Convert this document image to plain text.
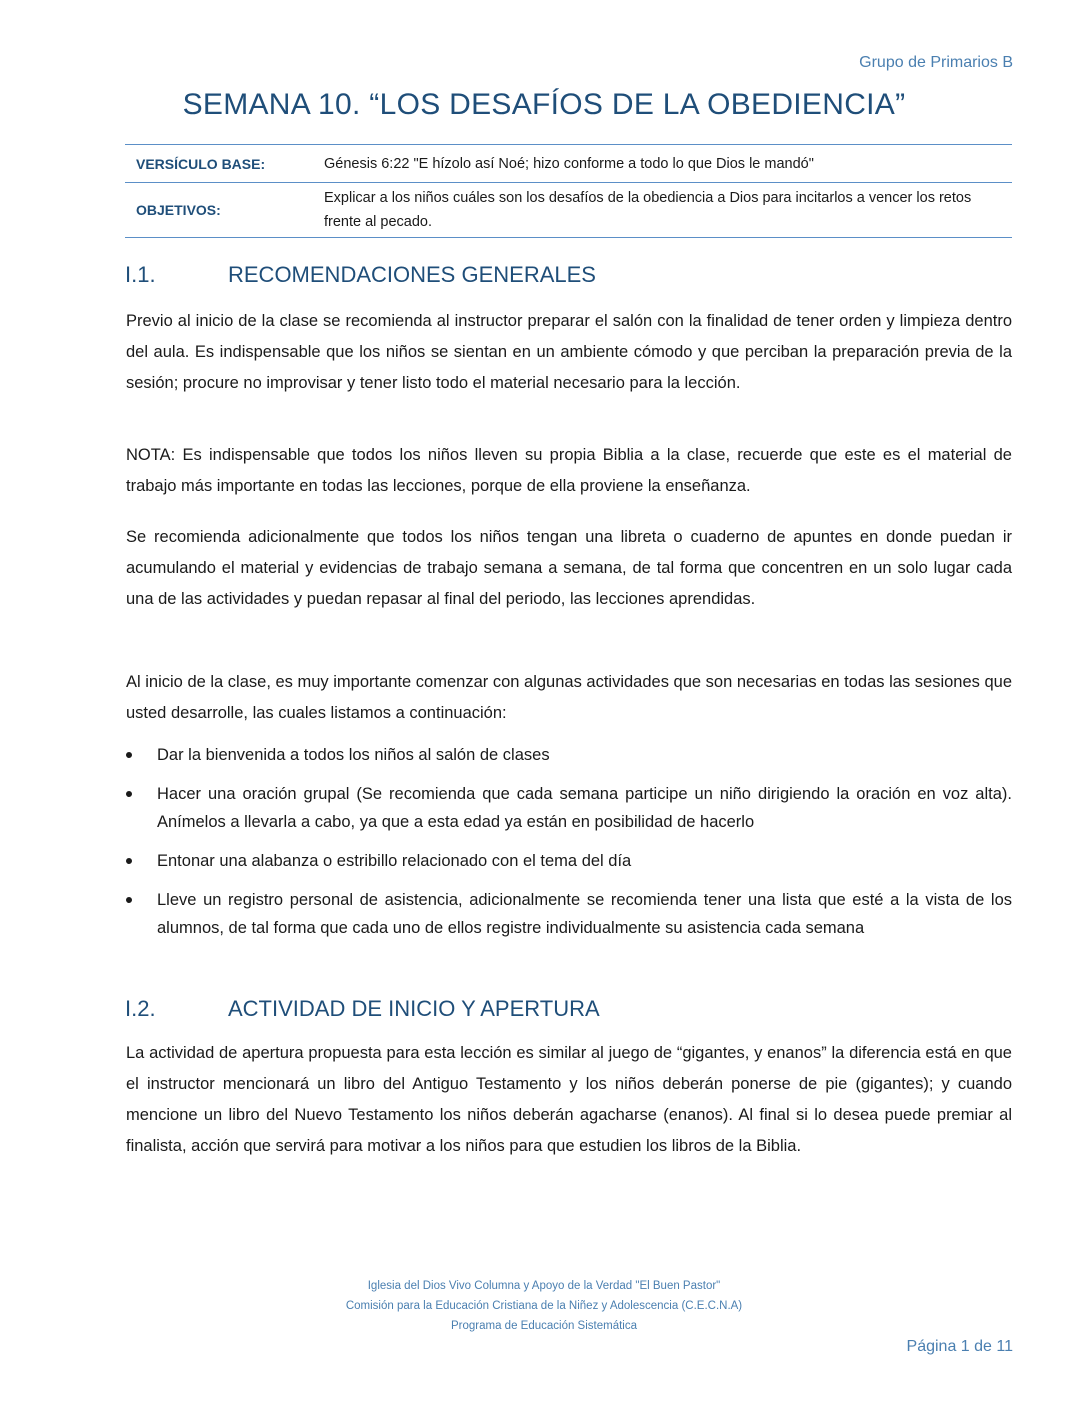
Grupo de Primarios B
SEMANA 10. “LOS DESAFÍOS DE LA OBEDIENCIA”
VERSÍCULO BASE:	Génesis 6:22 "E hízolo así Noé; hizo conforme a todo lo que Dios le mandó"
OBJETIVOS:	Explicar a los niños cuáles son los desafíos de la obediencia a Dios para incitarlos a vencer los retos frente al pecado.
I.1.	RECOMENDACIONES GENERALES

Previo al inicio de la clase se recomienda al instructor preparar el salón con la finalidad de tener orden y limpieza dentro del aula. Es indispensable que los niños se sientan en un ambiente cómodo y que perciban la preparación previa de la sesión; procure no improvisar y tener listo todo el material necesario para la lección.

NOTA: Es indispensable que todos los niños lleven su propia Biblia a la clase, recuerde que este es el material de trabajo más importante en todas las lecciones, porque de ella proviene la enseñanza.

Se recomienda adicionalmente que todos los niños tengan una libreta o cuaderno de apuntes en donde puedan ir acumulando el material y evidencias de trabajo semana a semana, de tal forma que concentren en un solo lugar cada una de las actividades y puedan repasar al final del periodo, las lecciones aprendidas.

Al inicio de la clase, es muy importante comenzar con algunas actividades que son necesarias en todas las sesiones que usted desarrolle, las cuales listamos a continuación:

Dar la bienvenida a todos los niños al salón de clases
Hacer una oración grupal (Se recomienda que cada semana participe un niño dirigiendo la oración en voz alta). Anímelos a llevarla a cabo, ya que a esta edad ya están en posibilidad de hacerlo
Entonar una alabanza o estribillo relacionado con el tema del día
Lleve un registro personal de asistencia, adicionalmente se recomienda tener una lista que esté a la vista de los alumnos, de tal forma que cada uno de ellos registre individualmente su asistencia cada semana
I.2.	ACTIVIDAD DE INICIO Y APERTURA

La actividad de apertura propuesta para esta lección es similar al juego de “gigantes, y enanos” la diferencia está en que el instructor mencionará un libro del Antiguo Testamento y los niños deberán ponerse de pie (gigantes); y cuando mencione un libro del Nuevo Testamento los niños deberán agacharse (enanos). Al final si lo desea puede premiar al finalista, acción que servirá para motivar a los niños para que estudien los libros de la Biblia.

Iglesia del Dios Vivo Columna y Apoyo de la Verdad "El Buen Pastor"
Comisión para la Educación Cristiana de la Niñez y Adolescencia (C.E.C.N.A)
Programa de Educación Sistemática
Página 1 de 11
